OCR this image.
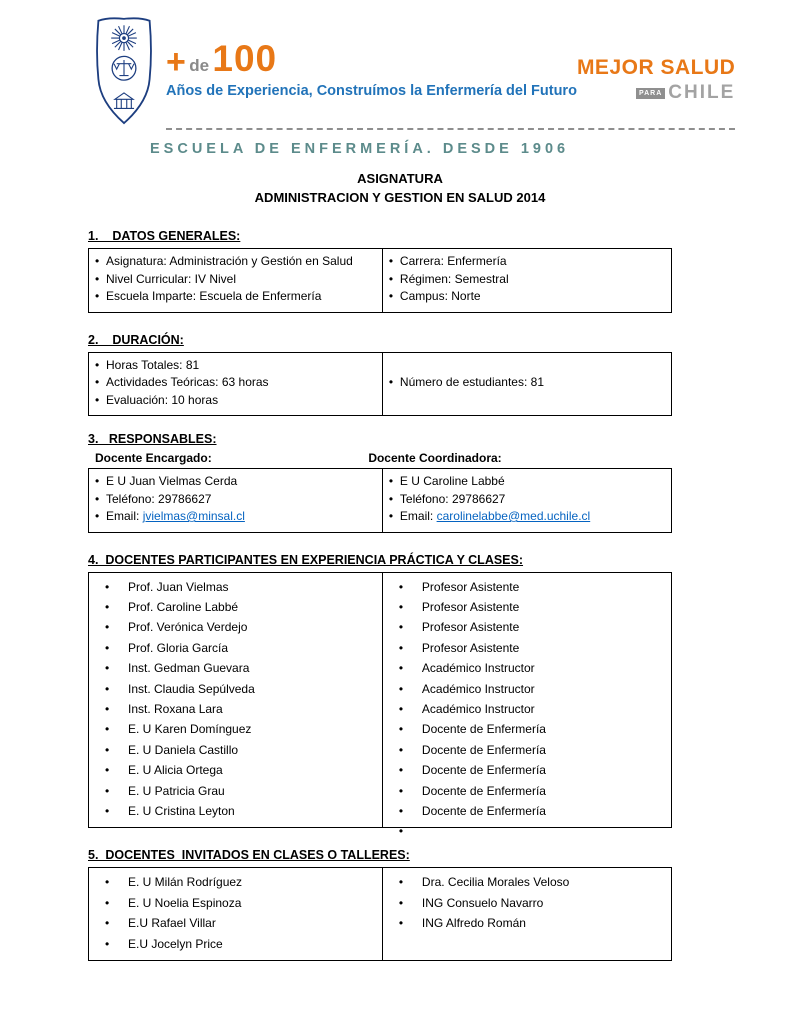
+ de 100
Años de Experiencia, Construímos la Enfermería del Futuro
MEJOR SALUD
PARA CHILE
ESCUELA DE ENFERMERÍA. DESDE 1906
ASIGNATURA
ADMINISTRACION Y GESTION EN SALUD 2014
1.    DATOS GENERALES:
• Asignatura: Administración y Gestión en Salud
• Nivel Curricular: IV Nivel
• Escuela Imparte: Escuela de Enfermería
• Carrera: Enfermería
• Régimen: Semestral
• Campus: Norte
2.    DURACIÓN:
• Horas Totales: 81
• Actividades Teóricas: 63 horas
• Evaluación: 10 horas
• Número de estudiantes: 81
3.   RESPONSABLES:
Docente Encargado:	Docente Coordinadora:
• E U Juan Vielmas Cerda
• Teléfono: 29786627
• Email: jvielmas@minsal.cl
• E U Caroline Labbé
• Teléfono: 29786627
• Email: carolinelabbe@med.uchile.cl
4.  DOCENTES PARTICIPANTES EN EXPERIENCIA PRÁCTICA Y CLASES:
• Prof. Juan Vielmas
• Prof. Caroline Labbé
• Prof. Verónica Verdejo
• Prof. Gloria García
• Inst. Gedman Guevara
• Inst. Claudia Sepúlveda
• Inst. Roxana Lara
• E. U Karen Domínguez
• E. U Daniela Castillo
• E. U Alicia Ortega
• E. U Patricia Grau
• E. U Cristina Leyton
• Profesor Asistente
• Profesor Asistente
• Profesor Asistente
• Profesor Asistente
• Académico Instructor
• Académico Instructor
• Académico Instructor
• Docente de Enfermería
• Docente de Enfermería
• Docente de Enfermería
• Docente de Enfermería
• Docente de Enfermería
5.  DOCENTES  INVITADOS EN CLASES O TALLERES:
• E. U Milán Rodríguez
• E. U Noelia Espinoza
• E.U Rafael Villar
• E.U Jocelyn Price
• Dra. Cecilia Morales Veloso
• ING Consuelo Navarro
• ING Alfredo Román
